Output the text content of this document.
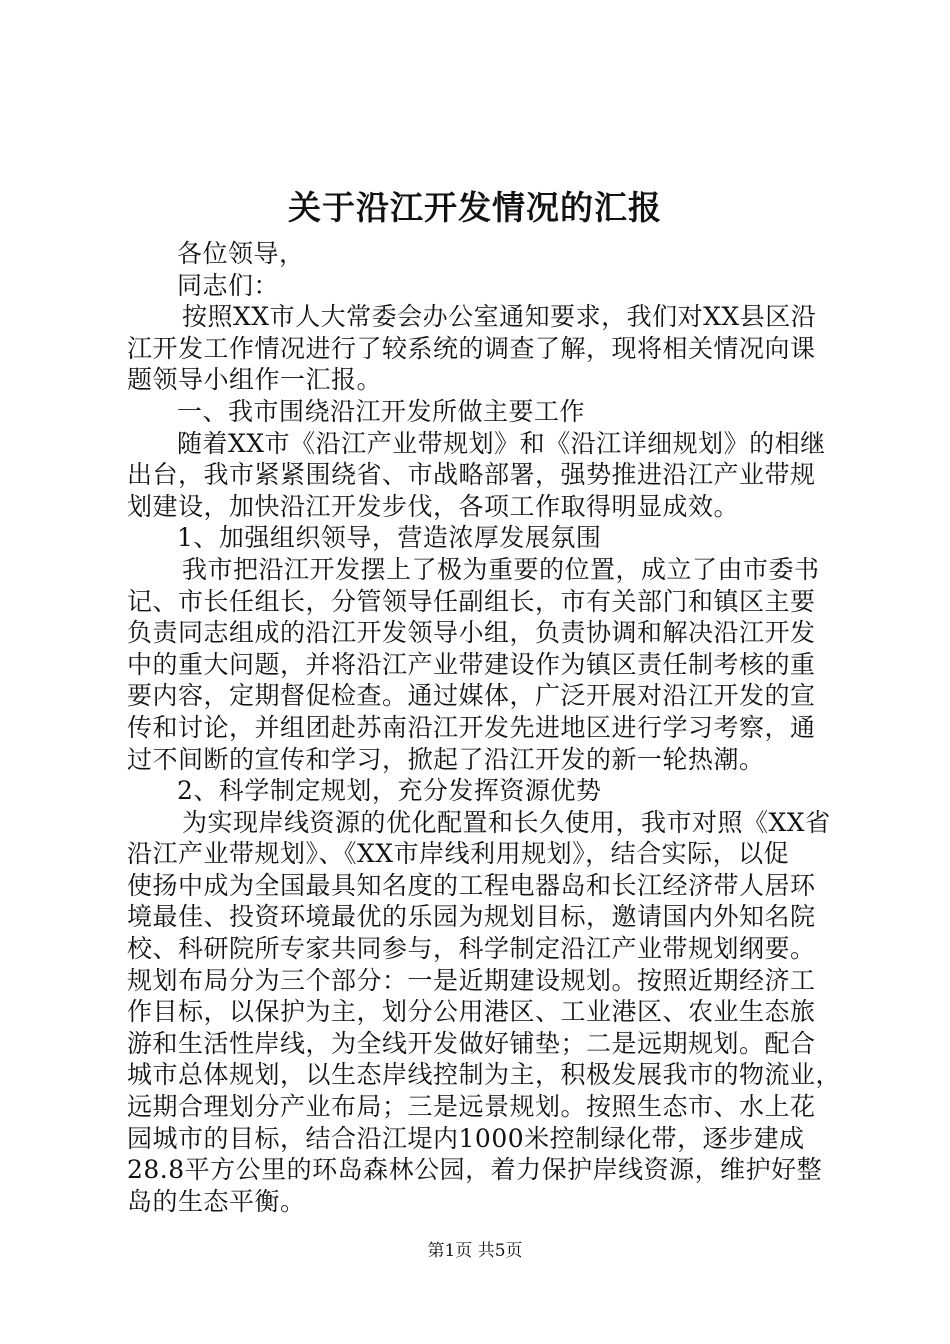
关于沿江开发情况的汇报
各位领导，
同志们：
按照XX市人大常委会办公室通知要求，我们对XX县区沿
江开发工作情况进行了较系统的调查了解，现将相关情况向课
题领导小组作一汇报。
一、我市围绕沿江开发所做主要工作
随着XX市《沿江产业带规划》和《沿江详细规划》的相继
出台，我市紧紧围绕省、市战略部署，强势推进沿江产业带规
划建设，加快沿江开发步伐，各项工作取得明显成效。
1、加强组织领导，营造浓厚发展氛围
我市把沿江开发摆上了极为重要的位置，成立了由市委书
记、市长任组长，分管领导任副组长，市有关部门和镇区主要
负责同志组成的沿江开发领导小组，负责协调和解决沿江开发
中的重大问题，并将沿江产业带建设作为镇区责任制考核的重
要内容，定期督促检查。通过媒体，广泛开展对沿江开发的宣
传和讨论，并组团赴苏南沿江开发先进地区进行学习考察，通
过不间断的宣传和学习，掀起了沿江开发的新一轮热潮。
2、科学制定规划，充分发挥资源优势
为实现岸线资源的优化配置和长久使用，我市对照《XX省
沿江产业带规划》、《XX市岸线利用规划》，结合实际，以促
使扬中成为全国最具知名度的工程电器岛和长江经济带人居环
境最佳、投资环境最优的乐园为规划目标，邀请国内外知名院
校、科研院所专家共同参与，科学制定沿江产业带规划纲要。
规划布局分为三个部分：一是近期建设规划。按照近期经济工
作目标，以保护为主，划分公用港区、工业港区、农业生态旅
游和生活性岸线，为全线开发做好铺垫；二是远期规划。配合
城市总体规划，以生态岸线控制为主，积极发展我市的物流业，
远期合理划分产业布局；三是远景规划。按照生态市、水上花
园城市的目标，结合沿江堤内1000米控制绿化带，逐步建成
28.8平方公里的环岛森林公园，着力保护岸线资源，维护好整
岛的生态平衡。
第1页 共5页
